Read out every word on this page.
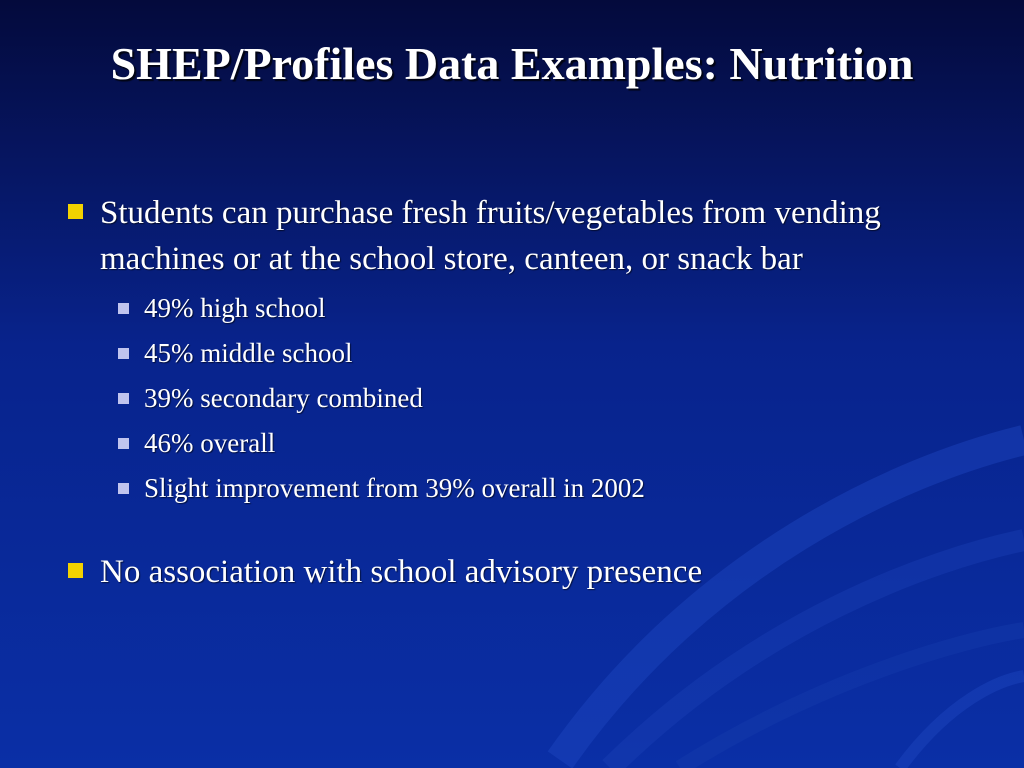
SHEP/Profiles Data Examples: Nutrition
Students can purchase fresh fruits/vegetables from vending machines or at the school store, canteen, or snack bar
49% high school
45% middle school
39% secondary combined
46% overall
Slight improvement from 39% overall in 2002
No association with school advisory presence
